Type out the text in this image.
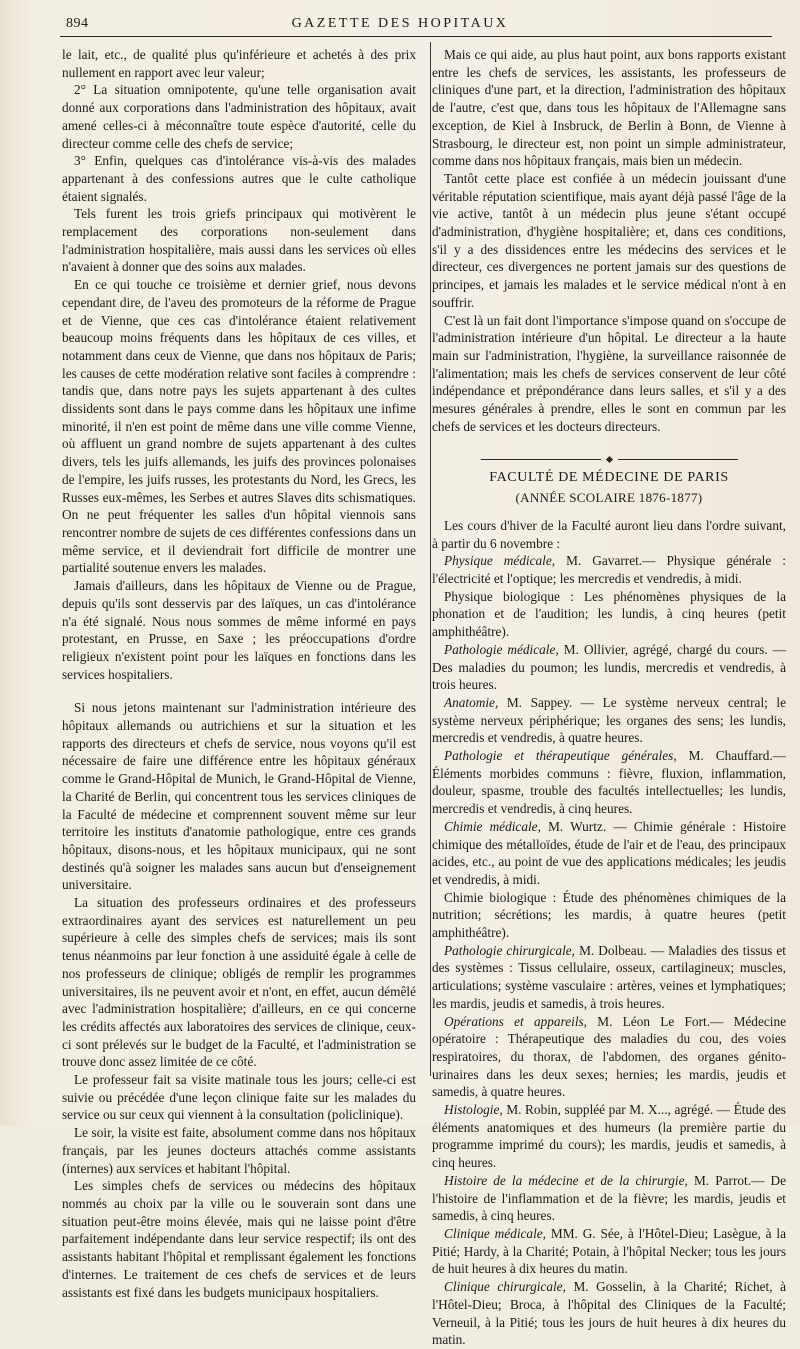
894	GAZETTE DES HOPITAUX

le lait, etc., de qualité plus qu'inférieure et achetés à des prix nullement en rapport avec leur valeur;

2° La situation omnipotente, qu'une telle organisation avait donné aux corporations dans l'administration des hôpitaux, avait amené celles-ci à méconnaître toute espèce d'autorité, celle du directeur comme celle des chefs de service;

3° Enfin, quelques cas d'intolérance vis-à-vis des malades appartenant à des confessions autres que le culte catholique étaient signalés.

Tels furent les trois griefs principaux qui motivèrent le remplacement des corporations non-seulement dans l'administration hospitalière, mais aussi dans les services où elles n'avaient à donner que des soins aux malades.

En ce qui touche ce troisième et dernier grief, nous devons cependant dire, de l'aveu des promoteurs de la réforme de Prague et de Vienne, que ces cas d'intolérance étaient relativement beaucoup moins fréquents dans les hôpitaux de ces villes, et notamment dans ceux de Vienne, que dans nos hôpitaux de Paris; les causes de cette modération relative sont faciles à comprendre : tandis que, dans notre pays les sujets appartenant à des cultes dissidents sont dans le pays comme dans les hôpitaux une infime minorité, il n'en est point de même dans une ville comme Vienne, où affluent un grand nombre de sujets appartenant à des cultes divers, tels les juifs allemands, les juifs des provinces polonaises de l'empire, les juifs russes, les protestants du Nord, les Grecs, les Russes eux-mêmes, les Serbes et autres Slaves dits schismatiques. On ne peut fréquenter les salles d'un hôpital viennois sans rencontrer nombre de sujets de ces différentes confessions dans un même service, et il deviendrait fort difficile de montrer une partialité soutenue envers les malades.

Jamais d'ailleurs, dans les hôpitaux de Vienne ou de Prague, depuis qu'ils sont desservis par des laïques, un cas d'intolérance n'a été signalé. Nous nous sommes de même informé en pays protestant, en Prusse, en Saxe ; les préoccupations d'ordre religieux n'existent point pour les laïques en fonctions dans les services hospitaliers.

Si nous jetons maintenant sur l'administration intérieure des hôpitaux allemands ou autrichiens et sur la situation et les rapports des directeurs et chefs de service, nous voyons qu'il est nécessaire de faire une différence entre les hôpitaux généraux comme le Grand-Hôpital de Munich, le Grand-Hôpital de Vienne, la Charité de Berlin, qui concentrent tous les services cliniques de la Faculté de médecine et comprennent souvent même sur leur territoire les instituts d'anatomie pathologique, entre ces grands hôpitaux, disons-nous, et les hôpitaux municipaux, qui ne sont destinés qu'à soigner les malades sans aucun but d'enseignement universitaire.

La situation des professeurs ordinaires et des professeurs extraordinaires ayant des services est naturellement un peu supérieure à celle des simples chefs de services; mais ils sont tenus néanmoins par leur fonction à une assiduité égale à celle de nos professeurs de clinique; obligés de remplir les programmes universitaires, ils ne peuvent avoir et n'ont, en effet, aucun démêlé avec l'administration hospitalière; d'ailleurs, en ce qui concerne les crédits affectés aux laboratoires des services de clinique, ceux-ci sont prélevés sur le budget de la Faculté, et l'administration se trouve donc assez limitée de ce côté.

Le professeur fait sa visite matinale tous les jours; celle-ci est suivie ou précédée d'une leçon clinique faite sur les malades du service ou sur ceux qui viennent à la consultation (policlinique).

Le soir, la visite est faite, absolument comme dans nos hôpitaux français, par les jeunes docteurs attachés comme assistants (internes) aux services et habitant l'hôpital.

Les simples chefs de services ou médecins des hôpitaux nommés au choix par la ville ou le souverain sont dans une situation peut-être moins élevée, mais qui ne laisse point d'être parfaitement indépendante dans leur service respectif; ils ont des assistants habitant l'hôpital et remplissant également les fonctions d'internes. Le traitement de ces chefs de services et de leurs assistants est fixé dans les budgets municipaux hospitaliers.

Mais ce qui aide, au plus haut point, aux bons rapports existant entre les chefs de services, les assistants, les professeurs de cliniques d'une part, et la direction, l'administration des hôpitaux de l'autre, c'est que, dans tous les hôpitaux de l'Allemagne sans exception, de Kiel à Insbruck, de Berlin à Bonn, de Vienne à Strasbourg, le directeur est, non point un simple administrateur, comme dans nos hôpitaux français, mais bien un médecin.

Tantôt cette place est confiée à un médecin jouissant d'une véritable réputation scientifique, mais ayant déjà passé l'âge de la vie active, tantôt à un médecin plus jeune s'étant occupé d'administration, d'hygiène hospitalière; et, dans ces conditions, s'il y a des dissidences entre les médecins des services et le directeur, ces divergences ne portent jamais sur des questions de principes, et jamais les malades et le service médical n'ont à en souffrir.

C'est là un fait dont l'importance s'impose quand on s'occupe de l'administration intérieure d'un hôpital. Le directeur a la haute main sur l'administration, l'hygiène, la surveillance raisonnée de l'alimentation; mais les chefs de services conservent de leur côté indépendance et prépondérance dans leurs salles, et s'il y a des mesures générales à prendre, elles le sont en commun par les chefs de services et les docteurs directeurs.

FACULTÉ DE MÉDECINE DE PARIS
(ANNÉE SCOLAIRE 1876-1877)

Les cours d'hiver de la Faculté auront lieu dans l'ordre suivant, à partir du 6 novembre :

Physique médicale, M. Gavarret.— Physique générale : l'électricité et l'optique; les mercredis et vendredis, à midi.

Physique biologique : Les phénomènes physiques de la phonation et de l'audition; les lundis, à cinq heures (petit amphithéâtre).

Pathologie médicale, M. Ollivier, agrégé, chargé du cours. — Des maladies du poumon; les lundis, mercredis et vendredis, à trois heures.

Anatomie, M. Sappey. — Le système nerveux central; le système nerveux périphérique; les organes des sens; les lundis, mercredis et vendredis, à quatre heures.

Pathologie et thérapeutique générales, M. Chauffard.— Éléments morbides communs : fièvre, fluxion, inflammation, douleur, spasme, trouble des facultés intellectuelles; les lundis, mercredis et vendredis, à cinq heures.

Chimie médicale, M. Wurtz. — Chimie générale : Histoire chimique des métalloïdes, étude de l'air et de l'eau, des principaux acides, etc., au point de vue des applications médicales; les jeudis et vendredis, à midi.

Chimie biologique : Étude des phénomènes chimiques de la nutrition; sécrétions; les mardis, à quatre heures (petit amphithéâtre).

Pathologie chirurgicale, M. Dolbeau. — Maladies des tissus et des systèmes : Tissus cellulaire, osseux, cartilagineux; muscles, articulations; système vasculaire : artères, veines et lymphatiques; les mardis, jeudis et samedis, à trois heures.

Opérations et appareils, M. Léon Le Fort.— Médecine opératoire : Thérapeutique des maladies du cou, des voies respiratoires, du thorax, de l'abdomen, des organes génito-urinaires dans les deux sexes; hernies; les mardis, jeudis et samedis, à quatre heures.

Histologie, M. Robin, suppléé par M. X..., agrégé. — Étude des éléments anatomiques et des humeurs (la première partie du programme imprimé du cours); les mardis, jeudis et samedis, à cinq heures.

Histoire de la médecine et de la chirurgie, M. Parrot.— De l'histoire de l'inflammation et de la fièvre; les mardis, jeudis et samedis, à cinq heures.

Clinique médicale, MM. G. Sée, à l'Hôtel-Dieu; Lasègue, à la Pitié; Hardy, à la Charité; Potain, à l'hôpital Necker; tous les jours de huit heures à dix heures du matin.

Clinique chirurgicale, M. Gosselin, à la Charité; Richet, à l'Hôtel-Dieu; Broca, à l'hôpital des Cliniques de la Faculté; Verneuil, à la Pitié; tous les jours de huit heures à dix heures du matin.
